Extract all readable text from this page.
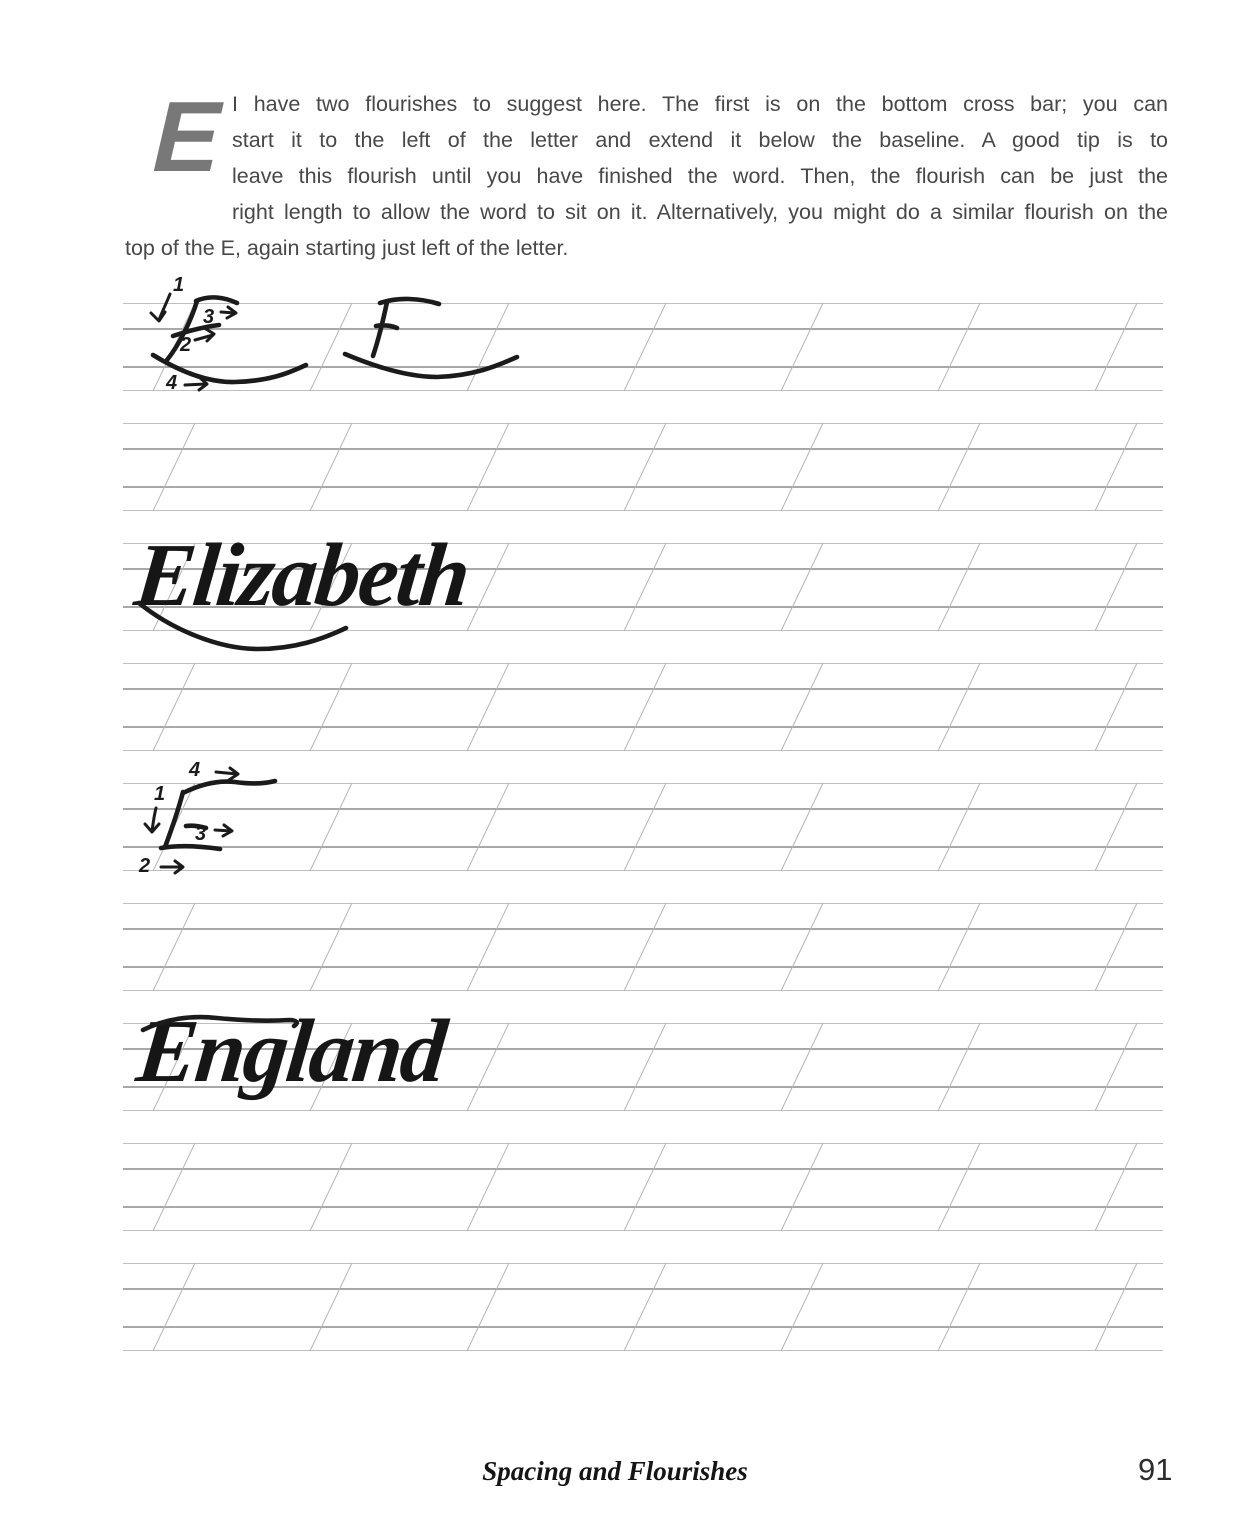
E
I have two flourishes to suggest here. The first is on the bottom cross bar; you can
start it to the left of the letter and extend it below the baseline. A good tip is to
leave this flourish until you have finished the word. Then, the flourish can be just the
right length to allow the word to sit on it. Alternatively, you might do a similar flourish on the
top of the E, again starting just left of the letter.
1
3
2
4
Elizabeth
4
1
3
2
England
Spacing and Flourishes	91
